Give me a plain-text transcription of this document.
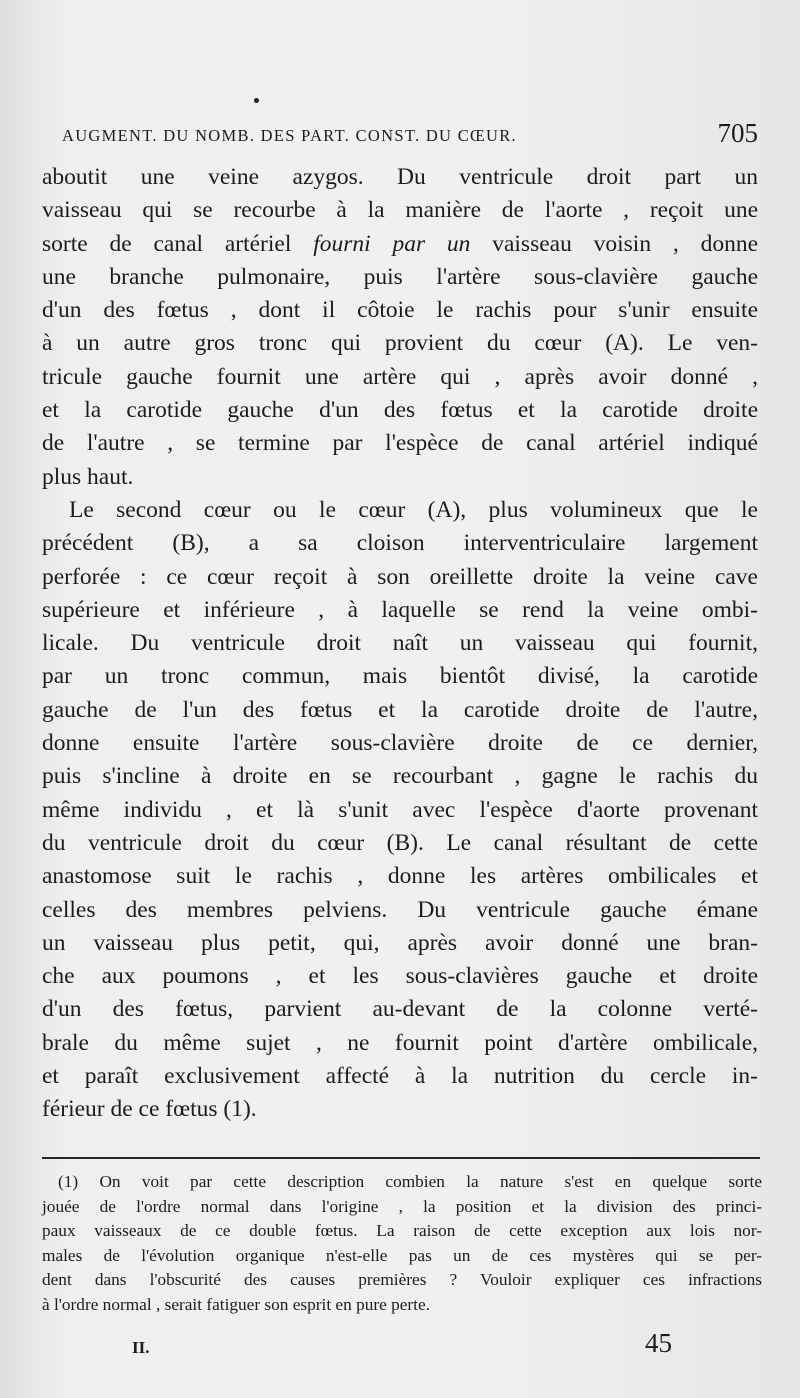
AUGMENT. DU NOMB. DES PART. CONST. DU CŒUR.	705
aboutit une veine azygos. Du ventricule droit part un
vaisseau qui se recourbe à la manière de l'aorte , reçoit une
sorte de canal artériel fourni par un vaisseau voisin , donne
une branche pulmonaire, puis l'artère sous-clavière gauche
d'un des fœtus , dont il côtoie le rachis pour s'unir ensuite
à un autre gros tronc qui provient du cœur (A). Le ven-
tricule gauche fournit une artère qui , après avoir donné ,
et la carotide gauche d'un des fœtus et la carotide droite
de l'autre , se termine par l'espèce de canal artériel indiqué
plus haut.
Le second cœur ou le cœur (A), plus volumineux que le
précédent (B), a sa cloison interventriculaire largement
perforée : ce cœur reçoit à son oreillette droite la veine cave
supérieure et inférieure , à laquelle se rend la veine ombi-
licale. Du ventricule droit naît un vaisseau qui fournit,
par un tronc commun, mais bientôt divisé, la carotide
gauche de l'un des fœtus et la carotide droite de l'autre,
donne ensuite l'artère sous-clavière droite de ce dernier,
puis s'incline à droite en se recourbant , gagne le rachis du
même individu , et là s'unit avec l'espèce d'aorte provenant
du ventricule droit du cœur (B). Le canal résultant de cette
anastomose suit le rachis , donne les artères ombilicales et
celles des membres pelviens. Du ventricule gauche émane
un vaisseau plus petit, qui, après avoir donné une bran-
che aux poumons , et les sous-clavières gauche et droite
d'un des fœtus, parvient au-devant de la colonne verté-
brale du même sujet , ne fournit point d'artère ombilicale,
et paraît exclusivement affecté à la nutrition du cercle in-
férieur de ce fœtus (1).
(1) On voit par cette description combien la nature s'est en quelque sorte
jouée de l'ordre normal dans l'origine , la position et la division des princi-
paux vaisseaux de ce double fœtus. La raison de cette exception aux lois nor-
males de l'évolution organique n'est-elle pas un de ces mystères qui se per-
dent dans l'obscurité des causes premières ? Vouloir expliquer ces infractions
à l'ordre normal , serait fatiguer son esprit en pure perte.
II.	45
